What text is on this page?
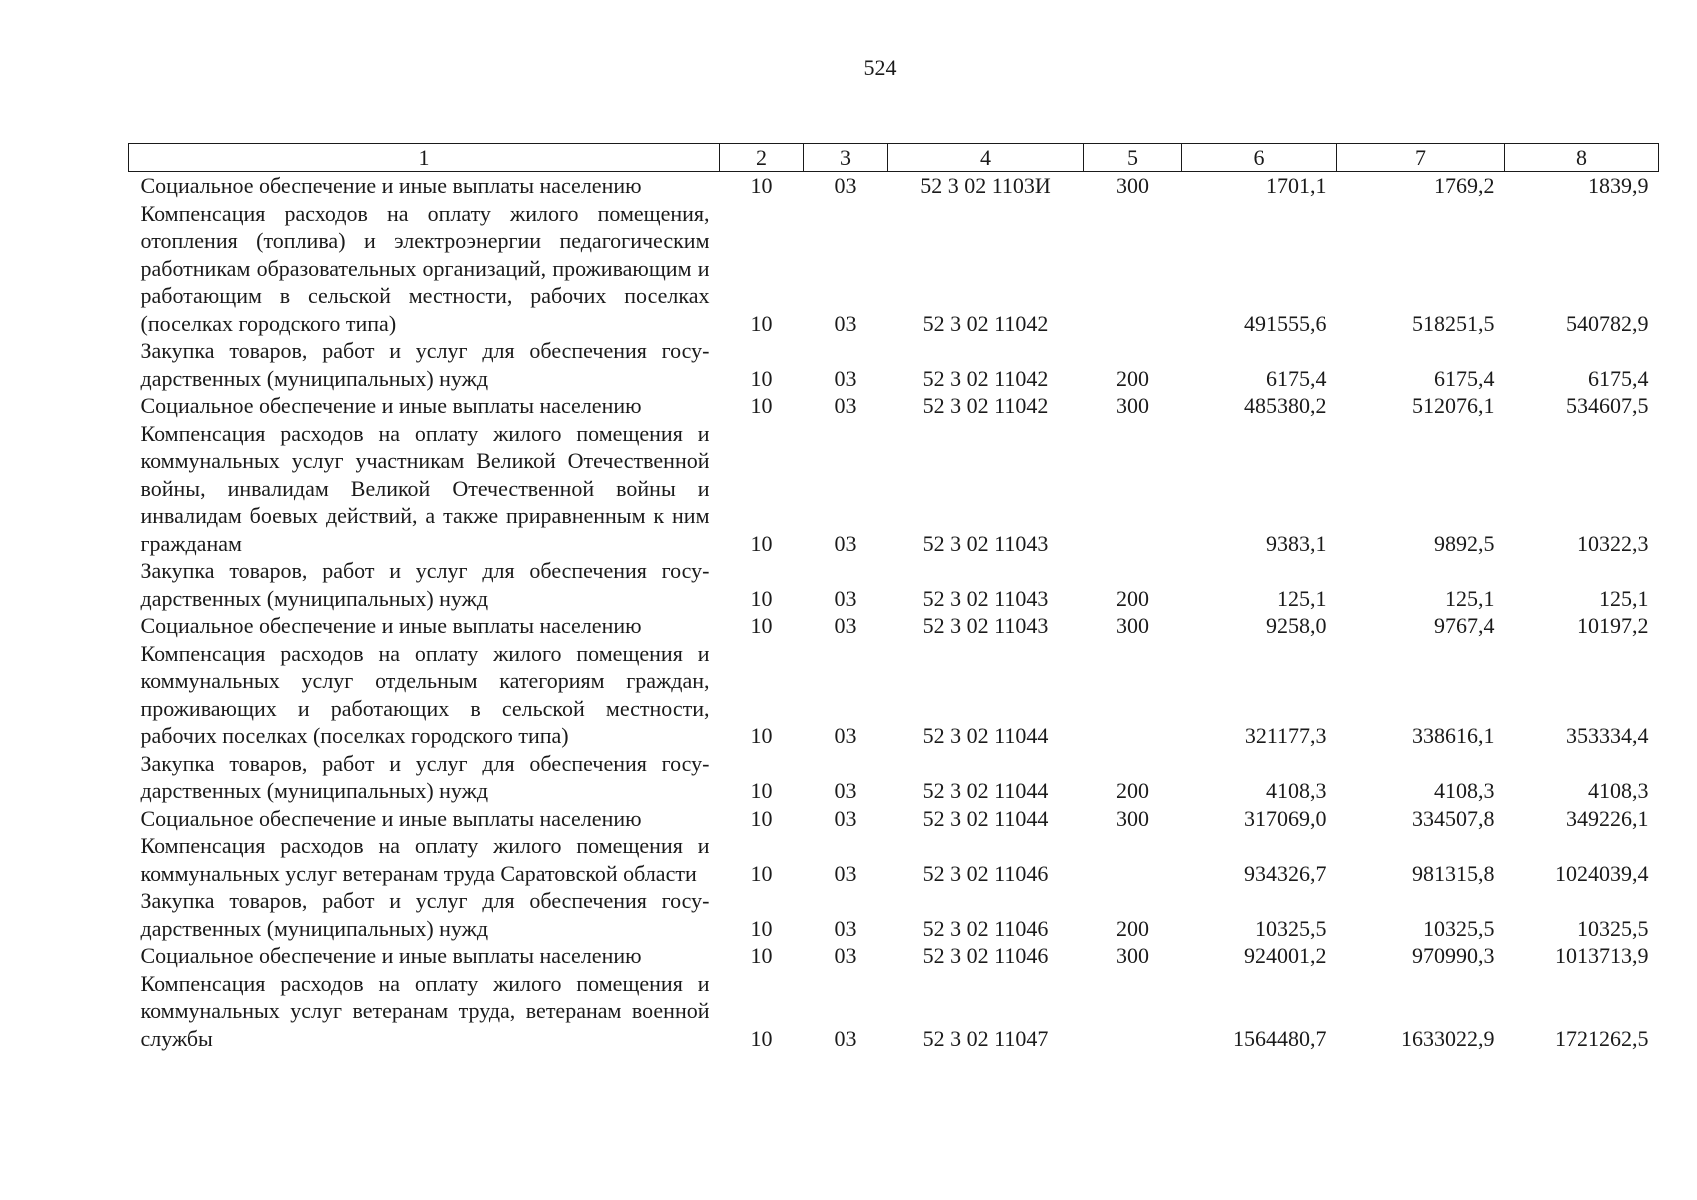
524
1	2	3	4	5	6	7	8
Социальное обеспечение и иные выплаты населению	10	03	52 3 02 1103И	300	1701,1	1769,2	1839,9
Компенсация расходов на оплату жилого помещения, отопления (топлива) и электроэнергии педагогическим работникам образовательных организаций, проживающим и работающим в сельской местности, рабочих поселках (поселках городского типа)	10	03	52 3 02 11042		491555,6	518251,5	540782,9
Закупка товаров, работ и услуг для обеспечения государственных (муниципальных) нужд	10	03	52 3 02 11042	200	6175,4	6175,4	6175,4
Социальное обеспечение и иные выплаты населению	10	03	52 3 02 11042	300	485380,2	512076,1	534607,5
Компенсация расходов на оплату жилого помещения и коммунальных услуг участникам Великой Отечественной войны, инвалидам Великой Отечественной войны и инвалидам боевых действий, а также приравненным к ним гражданам	10	03	52 3 02 11043		9383,1	9892,5	10322,3
Закупка товаров, работ и услуг для обеспечения государственных (муниципальных) нужд	10	03	52 3 02 11043	200	125,1	125,1	125,1
Социальное обеспечение и иные выплаты населению	10	03	52 3 02 11043	300	9258,0	9767,4	10197,2
Компенсация расходов на оплату жилого помещения и коммунальных услуг отдельным категориям граждан, проживающих и работающих в сельской местности, рабочих поселках (поселках городского типа)	10	03	52 3 02 11044		321177,3	338616,1	353334,4
Закупка товаров, работ и услуг для обеспечения государственных (муниципальных) нужд	10	03	52 3 02 11044	200	4108,3	4108,3	4108,3
Социальное обеспечение и иные выплаты населению	10	03	52 3 02 11044	300	317069,0	334507,8	349226,1
Компенсация расходов на оплату жилого помещения и коммунальных услуг ветеранам труда Саратовской области	10	03	52 3 02 11046		934326,7	981315,8	1024039,4
Закупка товаров, работ и услуг для обеспечения государственных (муниципальных) нужд	10	03	52 3 02 11046	200	10325,5	10325,5	10325,5
Социальное обеспечение и иные выплаты населению	10	03	52 3 02 11046	300	924001,2	970990,3	1013713,9
Компенсация расходов на оплату жилого помещения и коммунальных услуг ветеранам труда, ветеранам военной службы	10	03	52 3 02 11047		1564480,7	1633022,9	1721262,5
